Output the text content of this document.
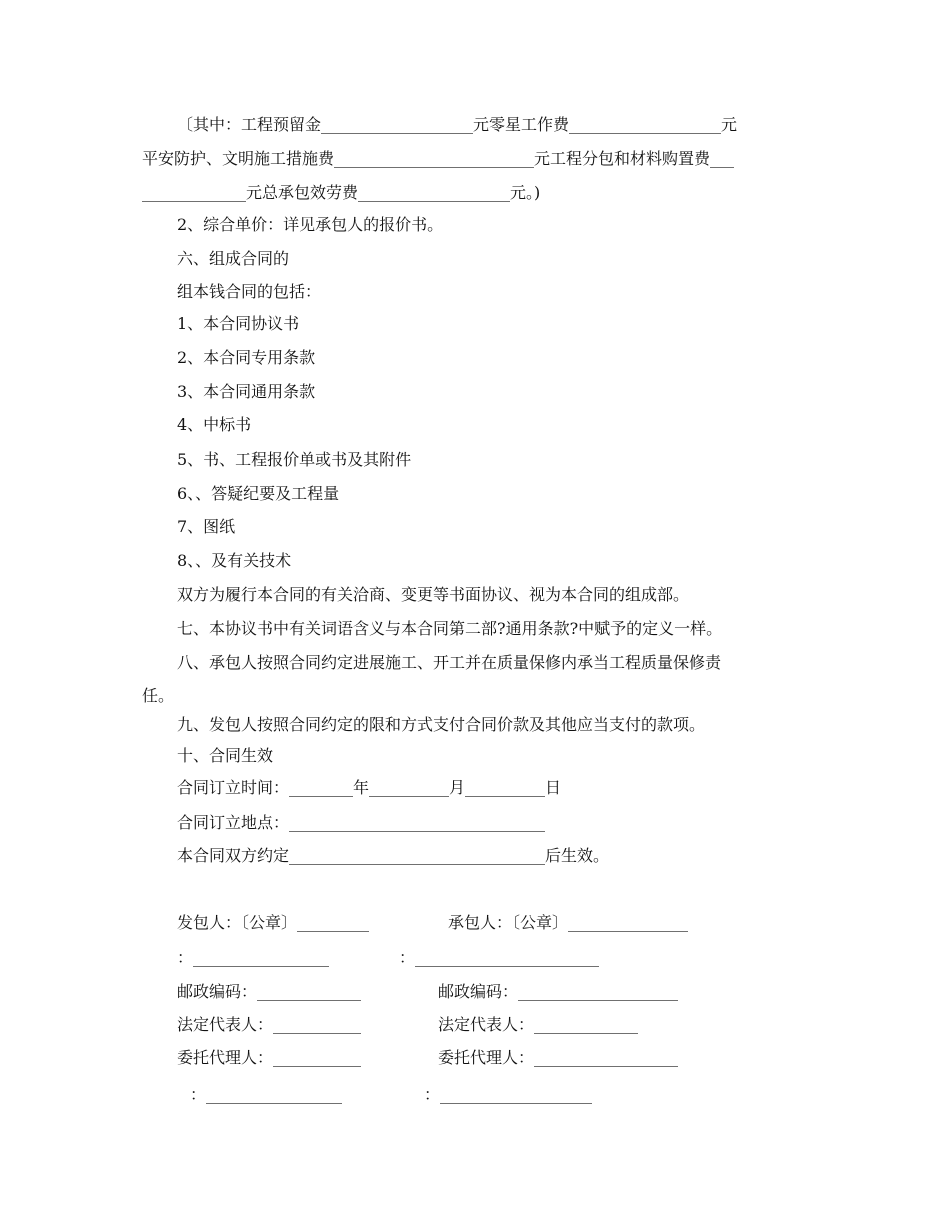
〔其中：工程预留金___________________元零星工作费___________________元
平安防护、文明施工措施费_________________________元工程分包和材料购置费___
_____________元总承包效劳费___________________元。)
2、综合单价：详见承包人的报价书。
六、组成合同的
组本钱合同的包括：
1、本合同协议书
2、本合同专用条款
3、本合同通用条款
4、中标书
5、书、工程报价单或书及其附件
6、、答疑纪要及工程量
7、图纸
8、、及有关技术
双方为履行本合同的有关洽商、变更等书面协议、视为本合同的组成部。
七、本协议书中有关词语含义与本合同第二部?通用条款?中赋予的定义一样。
八、承包人按照合同约定进展施工、开工并在质量保修内承当工程质量保修责
任。
九、发包人按照合同约定的限和方式支付合同价款及其他应当支付的款项。
十、合同生效
合同订立时间：________年__________月__________日
合同订立地点：________________________________
本合同双方约定________________________________后生效。
发包人：〔公章〕_________
：_________________
邮政编码：_____________
法定代表人：___________
委托代理人：___________
：_________________
承包人：〔公章〕_______________
：_______________________
邮政编码：____________________
法定代表人：_____________
委托代理人：__________________
：___________________
